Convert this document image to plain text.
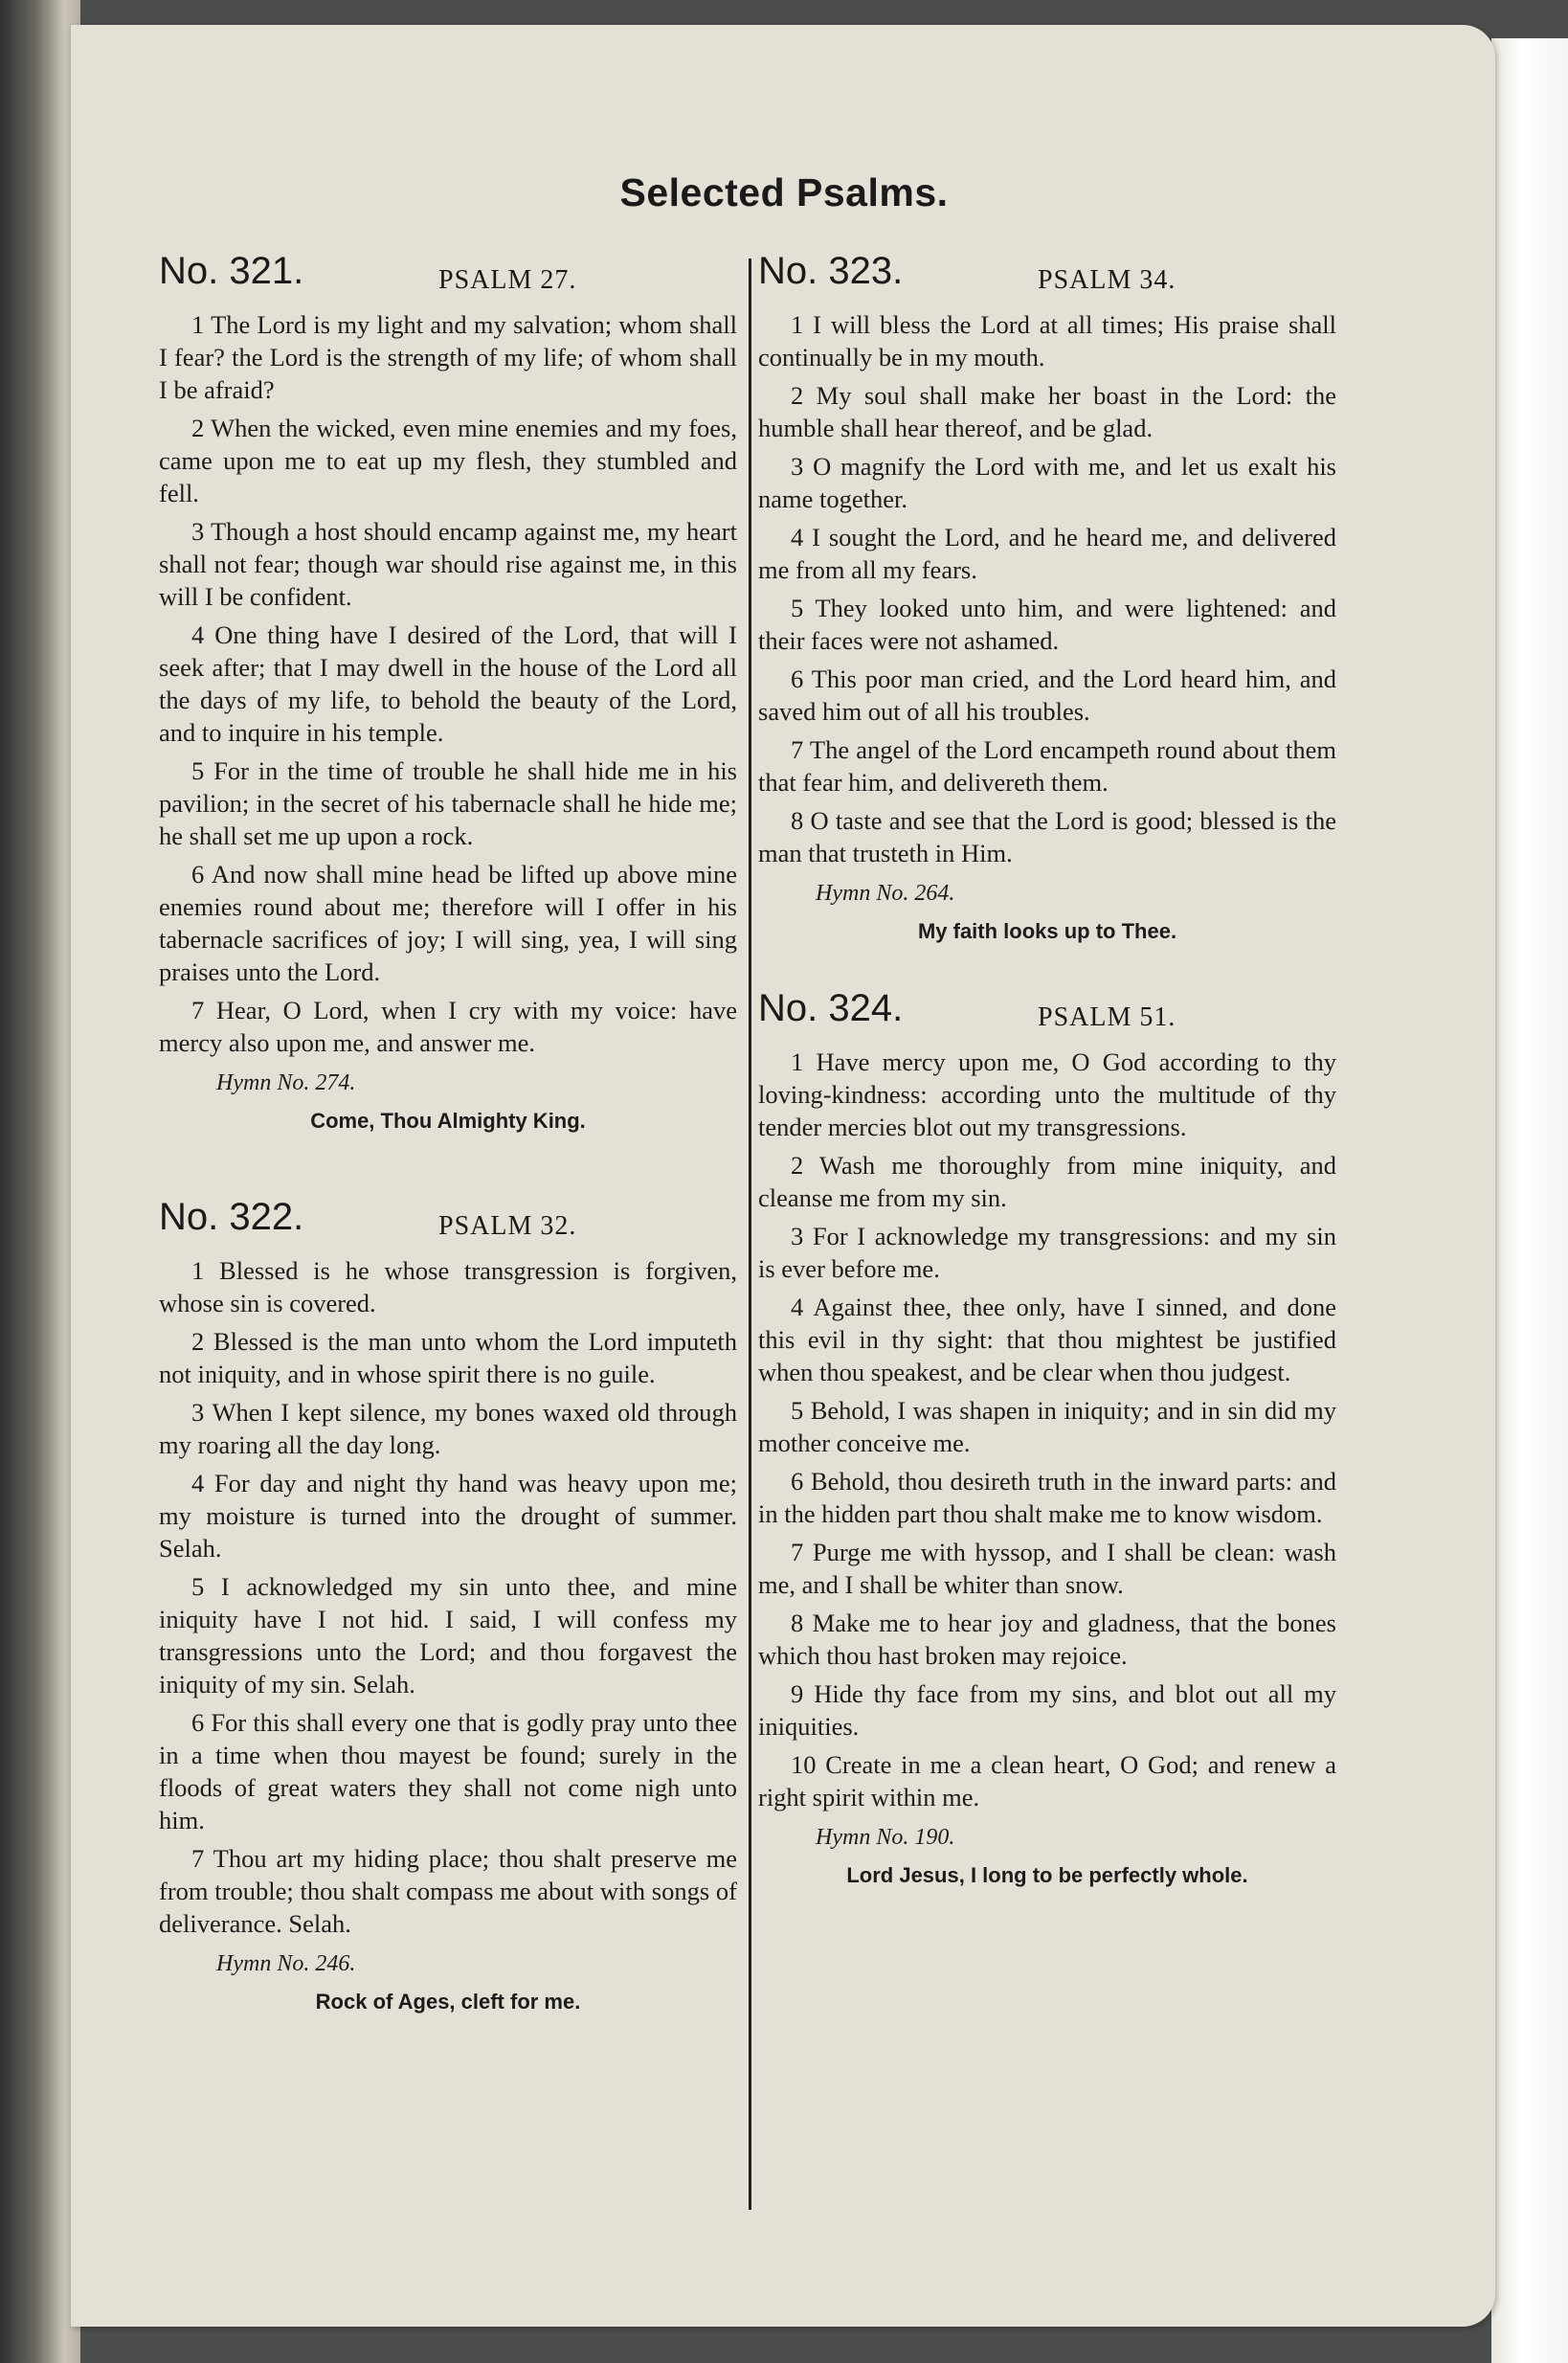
Selected Psalms.
No. 321.	PSALM 27.

1 The Lord is my light and my salvation; whom shall I fear? the Lord is the strength of my life; of whom shall I be afraid?

2 When the wicked, even mine enemies and my foes, came upon me to eat up my flesh, they stumbled and fell.

3 Though a host should encamp against me, my heart shall not fear; though war should rise against me, in this will I be confident.

4 One thing have I desired of the Lord, that will I seek after; that I may dwell in the house of the Lord all the days of my life, to behold the beauty of the Lord, and to inquire in his temple.

5 For in the time of trouble he shall hide me in his pavilion; in the secret of his tabernacle shall he hide me; he shall set me up upon a rock.

6 And now shall mine head be lifted up above mine enemies round about me; therefore will I offer in his tabernacle sacrifices of joy; I will sing, yea, I will sing praises unto the Lord.

7 Hear, O Lord, when I cry with my voice: have mercy also upon me, and answer me.

Hymn No. 274.

Come, Thou Almighty King.

No. 322.	PSALM 32.

1 Blessed is he whose transgression is forgiven, whose sin is covered.

2 Blessed is the man unto whom the Lord imputeth not iniquity, and in whose spirit there is no guile.

3 When I kept silence, my bones waxed old through my roaring all the day long.

4 For day and night thy hand was heavy upon me; my moisture is turned into the drought of summer. Selah.

5 I acknowledged my sin unto thee, and mine iniquity have I not hid. I said, I will confess my transgressions unto the Lord; and thou forgavest the iniquity of my sin. Selah.

6 For this shall every one that is godly pray unto thee in a time when thou mayest be found; surely in the floods of great waters they shall not come nigh unto him.

7 Thou art my hiding place; thou shalt preserve me from trouble; thou shalt compass me about with songs of deliverance. Selah.

Hymn No. 246.

Rock of Ages, cleft for me.

No. 323.	PSALM 34.

1 I will bless the Lord at all times; His praise shall continually be in my mouth.

2 My soul shall make her boast in the Lord: the humble shall hear thereof, and be glad.

3 O magnify the Lord with me, and let us exalt his name together.

4 I sought the Lord, and he heard me, and delivered me from all my fears.

5 They looked unto him, and were lightened: and their faces were not ashamed.

6 This poor man cried, and the Lord heard him, and saved him out of all his troubles.

7 The angel of the Lord encampeth round about them that fear him, and delivereth them.

8 O taste and see that the Lord is good; blessed is the man that trusteth in Him.

Hymn No. 264.

My faith looks up to Thee.

No. 324.	PSALM 51.

1 Have mercy upon me, O God according to thy loving-kindness: according unto the multitude of thy tender mercies blot out my transgressions.

2 Wash me thoroughly from mine iniquity, and cleanse me from my sin.

3 For I acknowledge my transgressions: and my sin is ever before me.

4 Against thee, thee only, have I sinned, and done this evil in thy sight: that thou mightest be justified when thou speakest, and be clear when thou judgest.

5 Behold, I was shapen in iniquity; and in sin did my mother conceive me.

6 Behold, thou desireth truth in the inward parts: and in the hidden part thou shalt make me to know wisdom.

7 Purge me with hyssop, and I shall be clean: wash me, and I shall be whiter than snow.

8 Make me to hear joy and gladness, that the bones which thou hast broken may rejoice.

9 Hide thy face from my sins, and blot out all my iniquities.

10 Create in me a clean heart, O God; and renew a right spirit within me.

Hymn No. 190.

Lord Jesus, I long to be perfectly whole.
